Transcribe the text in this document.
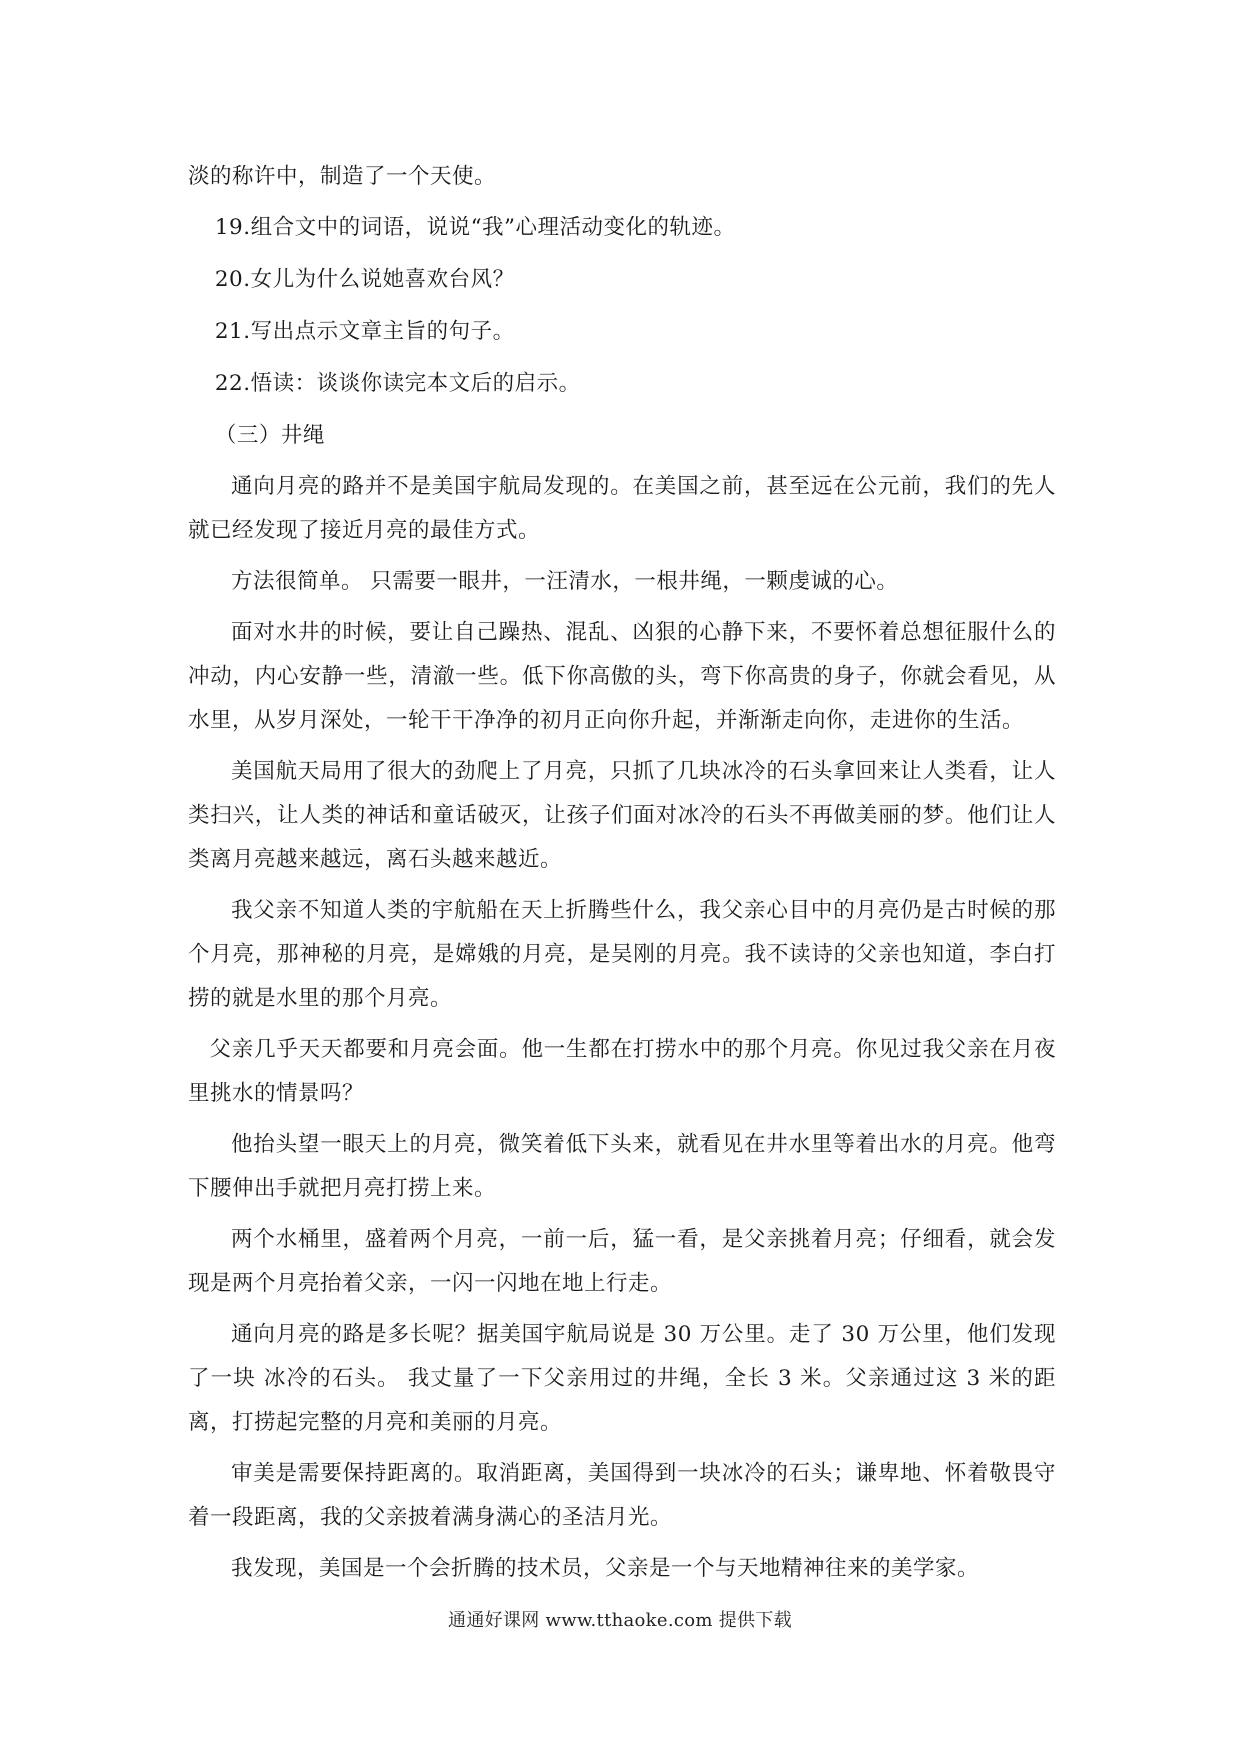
淡的称许中，制造了一个天使。

19.组合文中的词语，说说“我”心理活动变化的轨迹。

20.女儿为什么说她喜欢台风？

21.写出点示文章主旨的句子。

22.悟读：谈谈你读完本文后的启示。

（三）井绳

通向月亮的路并不是美国宇航局发现的。在美国之前，甚至远在公元前，我们的先人就已经发现了接近月亮的最佳方式。

方法很简单。 只需要一眼井，一汪清水，一根井绳，一颗虔诚的心。

面对水井的时候，要让自己躁热、混乱、凶狠的心静下来，不要怀着总想征服什么的冲动，内心安静一些，清澈一些。低下你高傲的头，弯下你高贵的身子，你就会看见，从水里，从岁月深处，一轮干干净净的初月正向你升起，并渐渐走向你，走进你的生活。

美国航天局用了很大的劲爬上了月亮，只抓了几块冰冷的石头拿回来让人类看，让人类扫兴，让人类的神话和童话破灭，让孩子们面对冰冷的石头不再做美丽的梦。他们让人类离月亮越来越远，离石头越来越近。

我父亲不知道人类的宇航船在天上折腾些什么，我父亲心目中的月亮仍是古时候的那个月亮，那神秘的月亮，是嫦娥的月亮，是吴刚的月亮。我不读诗的父亲也知道，李白打捞的就是水里的那个月亮。

父亲几乎天天都要和月亮会面。他一生都在打捞水中的那个月亮。你见过我父亲在月夜里挑水的情景吗？

他抬头望一眼天上的月亮，微笑着低下头来，就看见在井水里等着出水的月亮。他弯下腰伸出手就把月亮打捞上来。

两个水桶里，盛着两个月亮，一前一后，猛一看，是父亲挑着月亮；仔细看，就会发现是两个月亮抬着父亲，一闪一闪地在地上行走。

通向月亮的路是多长呢？据美国宇航局说是 30 万公里。走了 30 万公里，他们发现了一块 冰冷的石头。 我丈量了一下父亲用过的井绳，全长 3 米。父亲通过这 3 米的距离，打捞起完整的月亮和美丽的月亮。

审美是需要保持距离的。取消距离，美国得到一块冰冷的石头；谦卑地、怀着敬畏守着一段距离，我的父亲披着满身满心的圣洁月光。

我发现，美国是一个会折腾的技术员，父亲是一个与天地精神往来的美学家。

通通好课网 www.tthaoke.com 提供下载
